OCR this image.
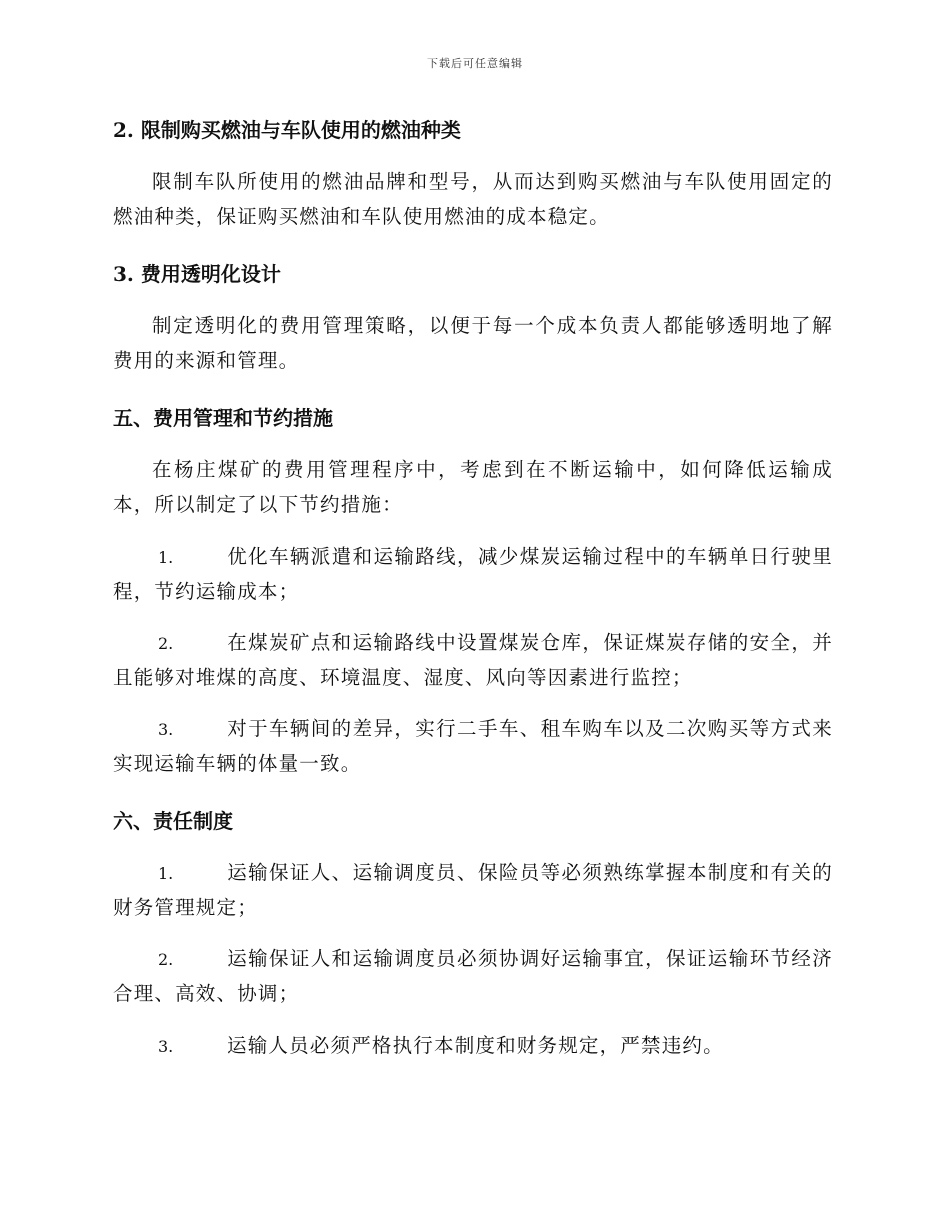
下载后可任意编辑
2. 限制购买燃油与车队使用的燃油种类

限制车队所使用的燃油品牌和型号，从而达到购买燃油与车队使用固定的燃油种类，保证购买燃油和车队使用燃油的成本稳定。

3. 费用透明化设计

制定透明化的费用管理策略，以便于每一个成本负责人都能够透明地了解费用的来源和管理。

五、费用管理和节约措施

在杨庄煤矿的费用管理程序中，考虑到在不断运输中，如何降低运输成本，所以制定了以下节约措施：

1.	优化车辆派遣和运输路线，减少煤炭运输过程中的车辆单日行驶里程，节约运输成本；

2.	在煤炭矿点和运输路线中设置煤炭仓库，保证煤炭存储的安全，并且能够对堆煤的高度、环境温度、湿度、风向等因素进行监控；

3.	对于车辆间的差异，实行二手车、租车购车以及二次购买等方式来实现运输车辆的体量一致。

六、责任制度

1.	运输保证人、运输调度员、保险员等必须熟练掌握本制度和有关的财务管理规定；

2.	运输保证人和运输调度员必须协调好运输事宜，保证运输环节经济合理、高效、协调；

3.	运输人员必须严格执行本制度和财务规定，严禁违约。
